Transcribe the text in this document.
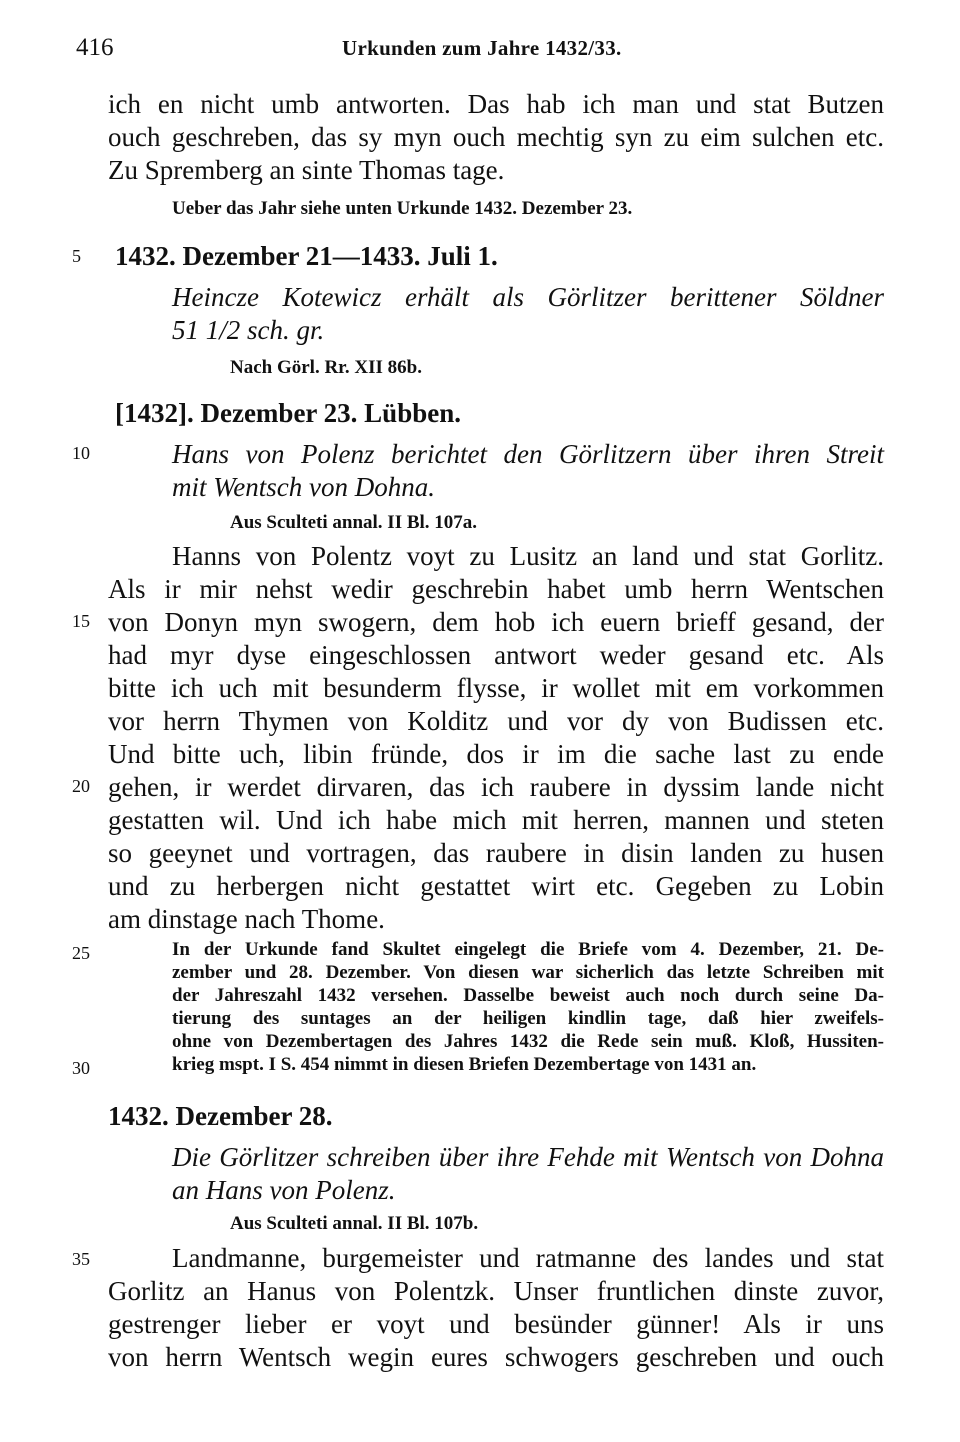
416	Urkunden zum Jahre 1432/33.
ich en nicht umb antworten. Das hab ich man und stat Butzen
ouch geschreben, das sy myn ouch mechtig syn zu eim sulchen etc.
Zu Spremberg an sinte Thomas tage.
Ueber das Jahr siehe unten Urkunde 1432. Dezember 23.
1432. Dezember 21—1433. Juli 1.
Heincze Kotewicz erhält als Görlitzer berittener Söldner
51 1/2 sch. gr.
Nach Görl. Rr. XII 86b.
[1432]. Dezember 23. Lübben.
Hans von Polenz berichtet den Görlitzern über ihren Streit
mit Wentsch von Dohna.
Aus Sculteti annal. II Bl. 107a.
Hanns von Polentz voyt zu Lusitz an land und stat Gorlitz.
Als ir mir nehst wedir geschrebin habet umb herrn Wentschen
von Donyn myn swogern, dem hob ich euern brieff gesand, der
had myr dyse eingeschlossen antwort weder gesand etc. Als
bitte ich uch mit besunderm flysse, ir wollet mit em vorkommen
vor herrn Thymen von Kolditz und vor dy von Budissen etc.
Und bitte uch, libin fründe, dos ir im die sache last zu ende
gehen, ir werdet dirvaren, das ich raubere in dyssim lande nicht
gestatten wil. Und ich habe mich mit herren, mannen und steten
so geeynet und vortragen, das raubere in disin landen zu husen
und zu herbergen nicht gestattet wirt etc. Gegeben zu Lobin
am dinstage nach Thome.
In der Urkunde fand Skultet eingelegt die Briefe vom 4. Dezember, 21. De-
zember und 28. Dezember. Von diesen war sicherlich das letzte Schreiben mit
der Jahreszahl 1432 versehen. Dasselbe beweist auch noch durch seine Da-
tierung des suntages an der heiligen kindlin tage, daß hier zweifels-
ohne von Dezembertagen des Jahres 1432 die Rede sein muß. Kloß, Hussiten-
krieg mspt. I S. 454 nimmt in diesen Briefen Dezembertage von 1431 an.
1432. Dezember 28.
Die Görlitzer schreiben über ihre Fehde mit Wentsch von Dohna
an Hans von Polenz.
Aus Sculteti annal. II Bl. 107b.
Landmanne, burgemeister und ratmanne des landes und stat
Gorlitz an Hanus von Polentzk. Unser fruntlichen dinste zuvor,
gestrenger lieber er voyt und besünder günner! Als ir uns
von herrn Wentsch wegin eures schwogers geschreben und ouch
5
10
15
20
25
30
35
